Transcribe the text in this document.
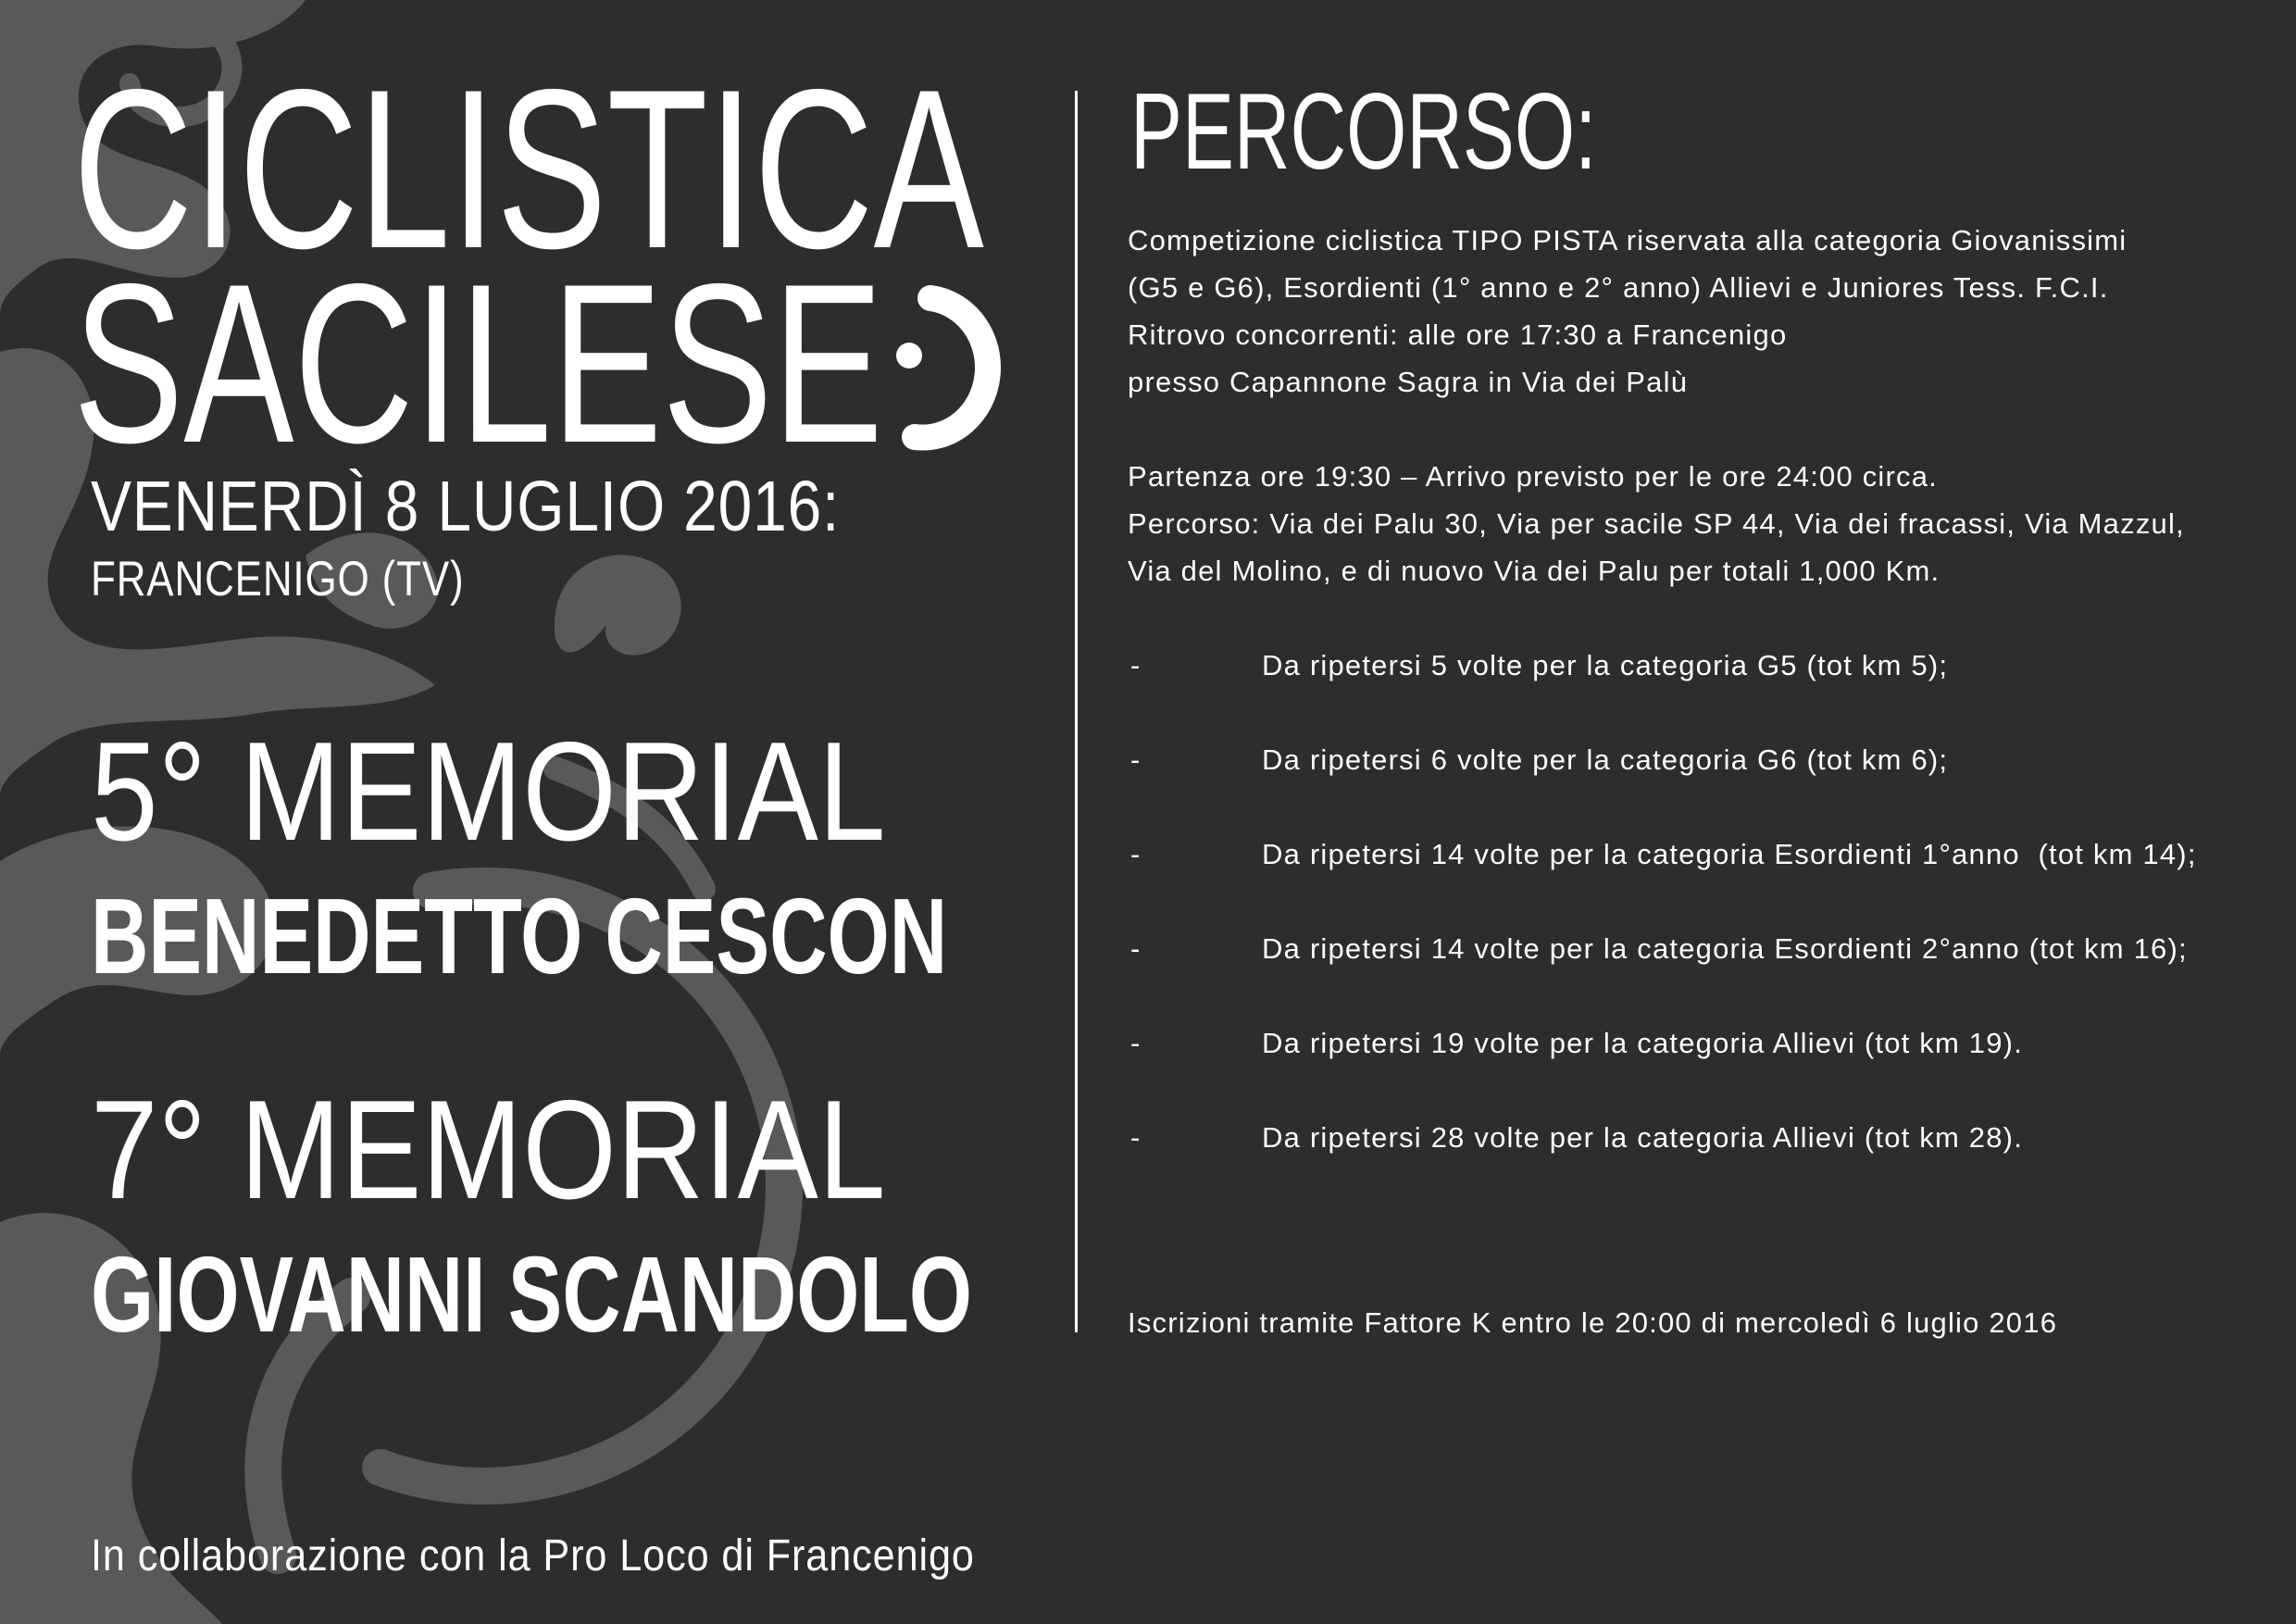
CICLISTICA
SACILESE
VENERDÌ 8 LUGLIO 2016:
FRANCENIGO (TV)
5° MEMORIAL
BENEDETTO CESCON
7° MEMORIAL
GIOVANNI SCANDOLO
In collaborazione con la Pro Loco di Francenigo
PERCORSO:
Competizione ciclistica TIPO PISTA riservata alla categoria Giovanissimi
(G5 e G6), Esordienti (1° anno e 2° anno) Allievi e Juniores Tess. F.C.I.
Ritrovo concorrenti: alle ore 17:30 a Francenigo
presso Capannone Sagra in Via dei Palù
Partenza ore 19:30 – Arrivo previsto per le ore 24:00 circa.
Percorso: Via dei Palu 30, Via per sacile SP 44, Via dei fracassi, Via Mazzul,
Via del Molino, e di nuovo Via dei Palu per totali 1,000 Km.

-

	Da ripetersi 5 volte per la categoria G5 (tot km 5);

-

	Da ripetersi 6 volte per la categoria G6 (tot km 6);

-

	Da ripetersi 14 volte per la categoria Esordienti 1°anno  (tot km 14);

-

	Da ripetersi 14 volte per la categoria Esordienti 2°anno (tot km 16);

-

	Da ripetersi 19 volte per la categoria Allievi (tot km 19).

-

	Da ripetersi 28 volte per la categoria Allievi (tot km 28).

Iscrizioni tramite Fattore K entro le 20:00 di mercoledì 6 luglio 2016
